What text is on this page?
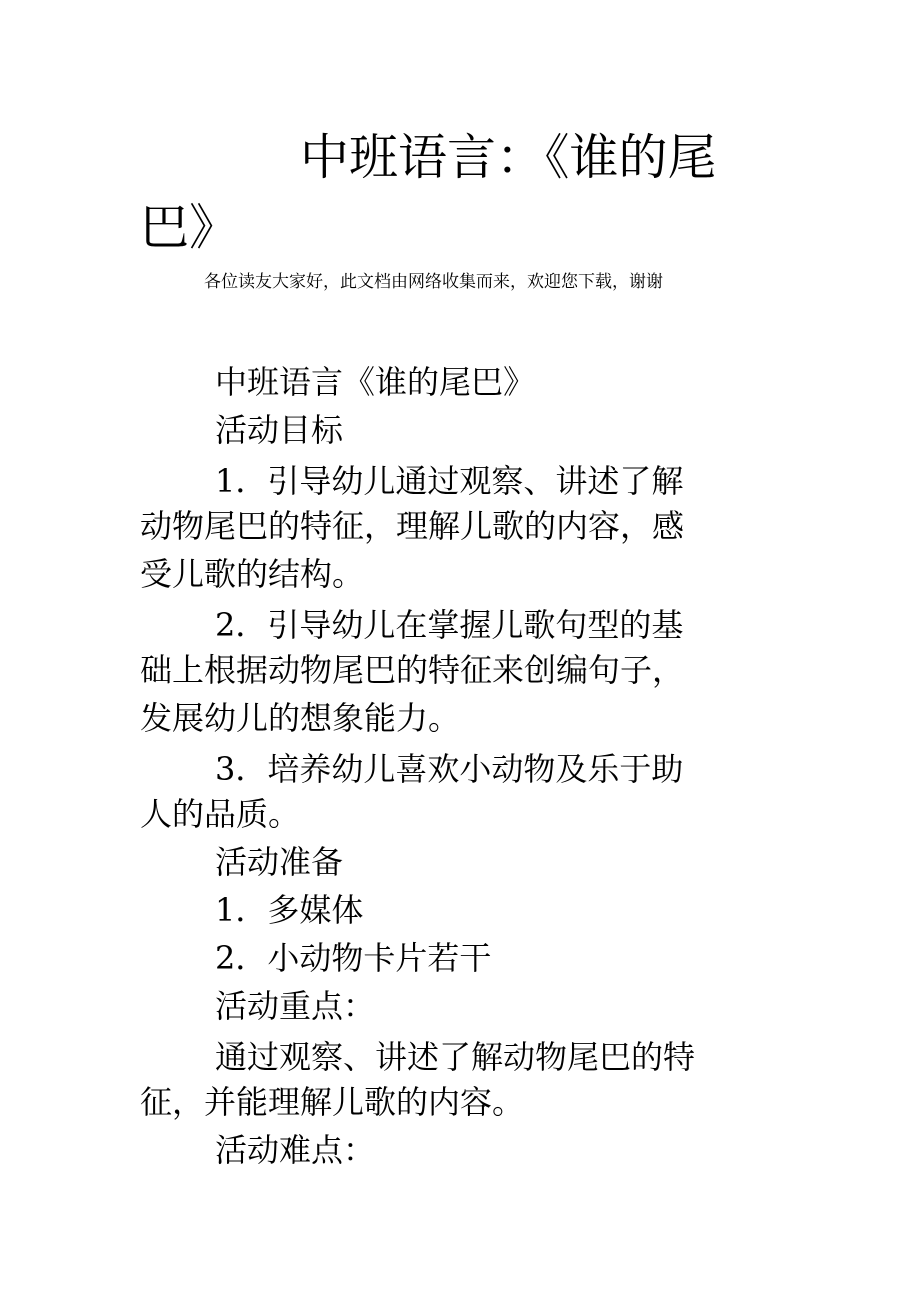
中班语言：《谁的尾
巴》

各位读友大家好，此文档由网络收集而来，欢迎您下载，谢谢

中班语言《谁的尾巴》

活动目标

1．引导幼儿通过观察、讲述了解

动物尾巴的特征，理解儿歌的内容，感

受儿歌的结构。

2．引导幼儿在掌握儿歌句型的基

础上根据动物尾巴的特征来创编句子，

发展幼儿的想象能力。

3．培养幼儿喜欢小动物及乐于助

人的品质。

活动准备

1．多媒体

2．小动物卡片若干

活动重点：

通过观察、讲述了解动物尾巴的特

征，并能理解儿歌的内容。

活动难点：
